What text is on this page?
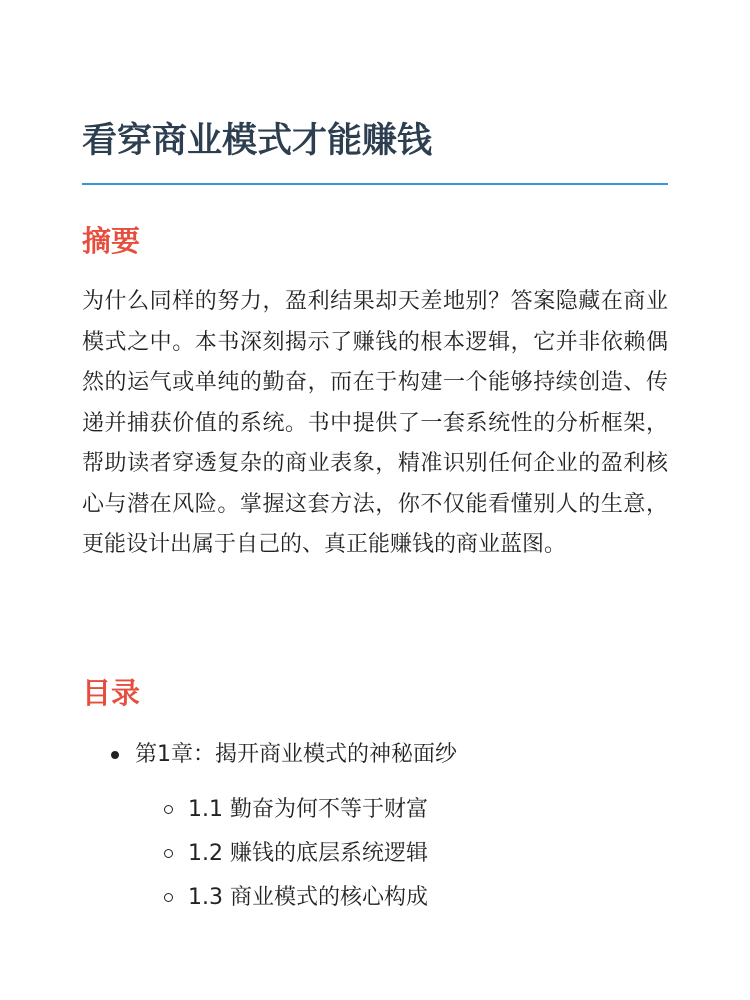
看穿商业模式才能赚钱
摘要

为什么同样的努力，盈利结果却天差地别？答案隐藏在商业模式之中。本书深刻揭示了赚钱的根本逻辑，它并非依赖偶然的运气或单纯的勤奋，而在于构建一个能够持续创造、传递并捕获价值的系统。书中提供了一套系统性的分析框架，帮助读者穿透复杂的商业表象，精准识别任何企业的盈利核心与潜在风险。掌握这套方法，你不仅能看懂别人的生意，更能设计出属于自己的、真正能赚钱的商业蓝图。

目录
第1章：揭开商业模式的神秘面纱
1.1 勤奋为何不等于财富
1.2 赚钱的底层系统逻辑
1.3 商业模式的核心构成
